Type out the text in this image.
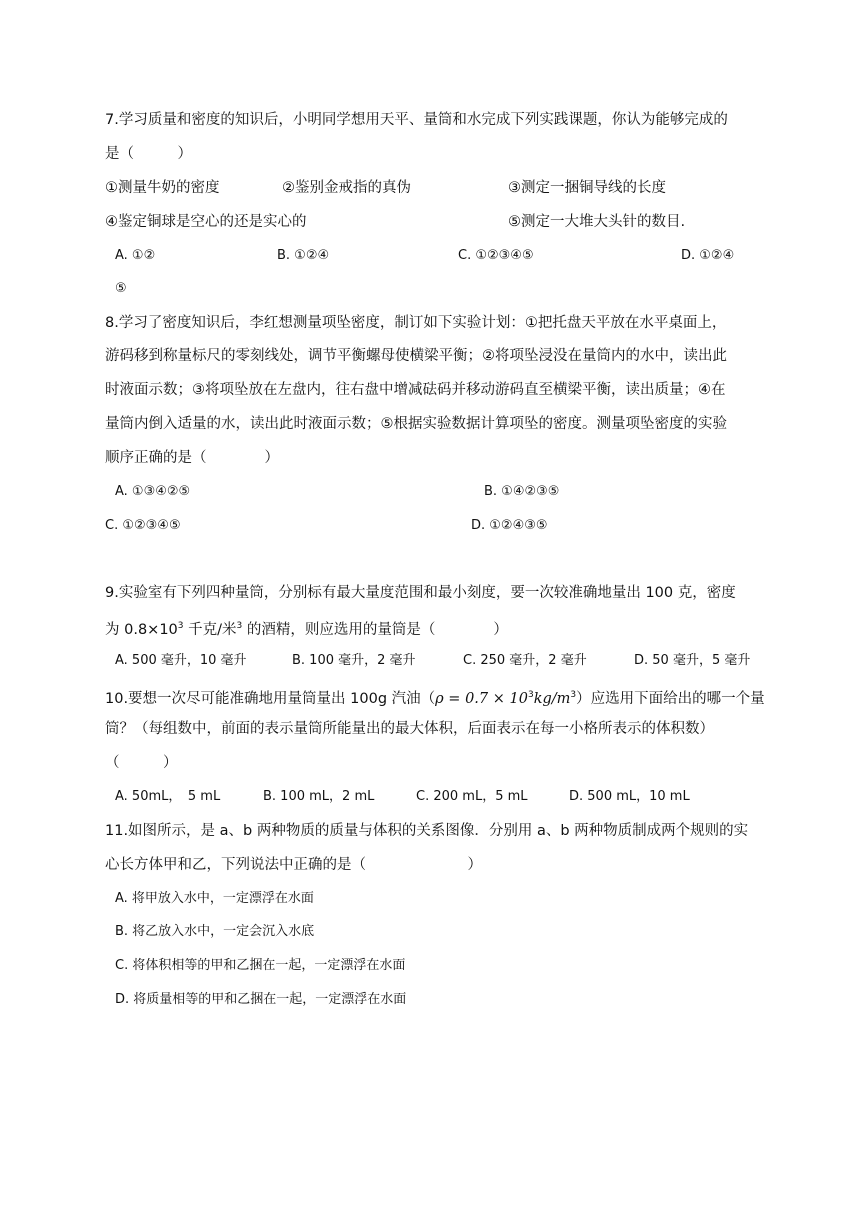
7.学习质量和密度的知识后，小明同学想用天平、量筒和水完成下列实践课题，你认为能够完成的
是（　　　）
①测量牛奶的密度	②鉴别金戒指的真伪	③测定一捆铜导线的长度
④鉴定铜球是空心的还是实心的	⑤测定一大堆大头针的数目.
A. ①②	B. ①②④	C. ①②③④⑤	D. ①②④
⑤
8.学习了密度知识后，李红想测量项坠密度，制订如下实验计划：①把托盘天平放在水平桌面上，
游码移到称量标尺的零刻线处，调节平衡螺母使横梁平衡；②将项坠浸没在量筒内的水中，读出此
时液面示数；③将项坠放在左盘内，往右盘中增减砝码并移动游码直至横梁平衡，读出质量；④在
量筒内倒入适量的水，读出此时液面示数；⑤根据实验数据计算项坠的密度。测量项坠密度的实验
顺序正确的是（　　　　）
A. ①③④②⑤	B. ①④②③⑤
C. ①②③④⑤	D. ①②④③⑤
9.实验室有下列四种量筒，分别标有最大量度范围和最小刻度，要一次较准确地量出 100 克，密度
为 $0.8\times 10^3$ 千克/米$^3$ 的酒精，则应选用的量筒是（　　　　）
A. 500 毫升，10 毫升	B. 100 毫升，2 毫升	C. 250 毫升，2 毫升	D. 50 毫升，5 毫升
10.要想一次尽可能准确地用量筒量出 100g 汽油$(\rho = 0.7 \times 10^3kg/m^3)$应选用下面给出的哪一个量
筒？（每组数中，前面的表示量筒所能量出的最大体积，后面表示在每一小格所表示的体积数）
（　　　）
A. 50mL，　5 mL	B. 100 mL，2 mL	C. 200 mL，5 mL	D. 500 mL，10 mL
11.如图所示，是 a、b 两种物质的质量与体积的关系图像．分别用 a、b 两种物质制成两个规则的实
心长方体甲和乙，下列说法中正确的是（　　　　　　　）
A. 将甲放入水中，一定漂浮在水面
B. 将乙放入水中，一定会沉入水底
C. 将体积相等的甲和乙捆在一起，一定漂浮在水面
D. 将质量相等的甲和乙捆在一起，一定漂浮在水面
